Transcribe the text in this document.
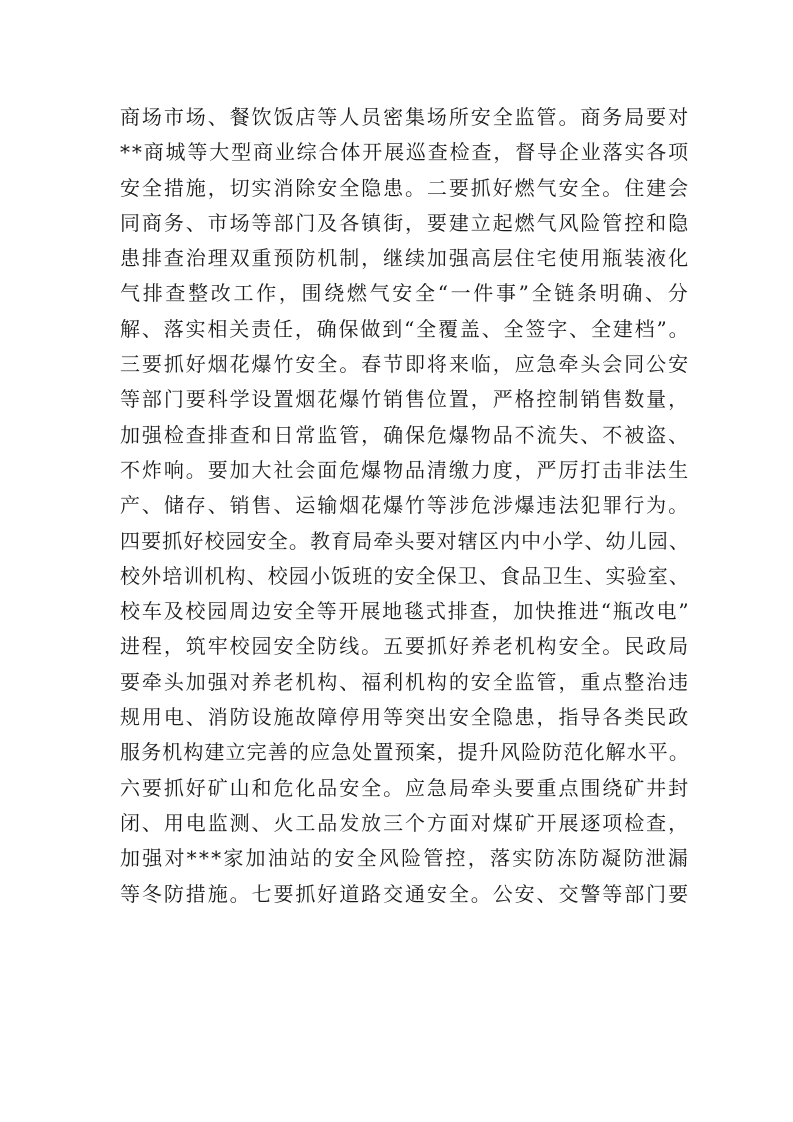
商场市场、餐饮饭店等人员密集场所安全监管。商务局要对
**商城等大型商业综合体开展巡查检查，督导企业落实各项
安全措施，切实消除安全隐患。二要抓好燃气安全。住建会
同商务、市场等部门及各镇街，要建立起燃气风险管控和隐
患排查治理双重预防机制，继续加强高层住宅使用瓶装液化
气排查整改工作，围绕燃气安全“一件事”全链条明确、分
解、落实相关责任，确保做到“全覆盖、全签字、全建档”。
三要抓好烟花爆竹安全。春节即将来临，应急牵头会同公安
等部门要科学设置烟花爆竹销售位置，严格控制销售数量，
加强检查排查和日常监管，确保危爆物品不流失、不被盗、
不炸响。要加大社会面危爆物品清缴力度，严厉打击非法生
产、储存、销售、运输烟花爆竹等涉危涉爆违法犯罪行为。
四要抓好校园安全。教育局牵头要对辖区内中小学、幼儿园、
校外培训机构、校园小饭班的安全保卫、食品卫生、实验室、
校车及校园周边安全等开展地毯式排查，加快推进“瓶改电”
进程，筑牢校园安全防线。五要抓好养老机构安全。民政局
要牵头加强对养老机构、福利机构的安全监管，重点整治违
规用电、消防设施故障停用等突出安全隐患，指导各类民政
服务机构建立完善的应急处置预案，提升风险防范化解水平。
六要抓好矿山和危化品安全。应急局牵头要重点围绕矿井封
闭、用电监测、火工品发放三个方面对煤矿开展逐项检查，
加强对***家加油站的安全风险管控，落实防冻防凝防泄漏
等冬防措施。七要抓好道路交通安全。公安、交警等部门要
